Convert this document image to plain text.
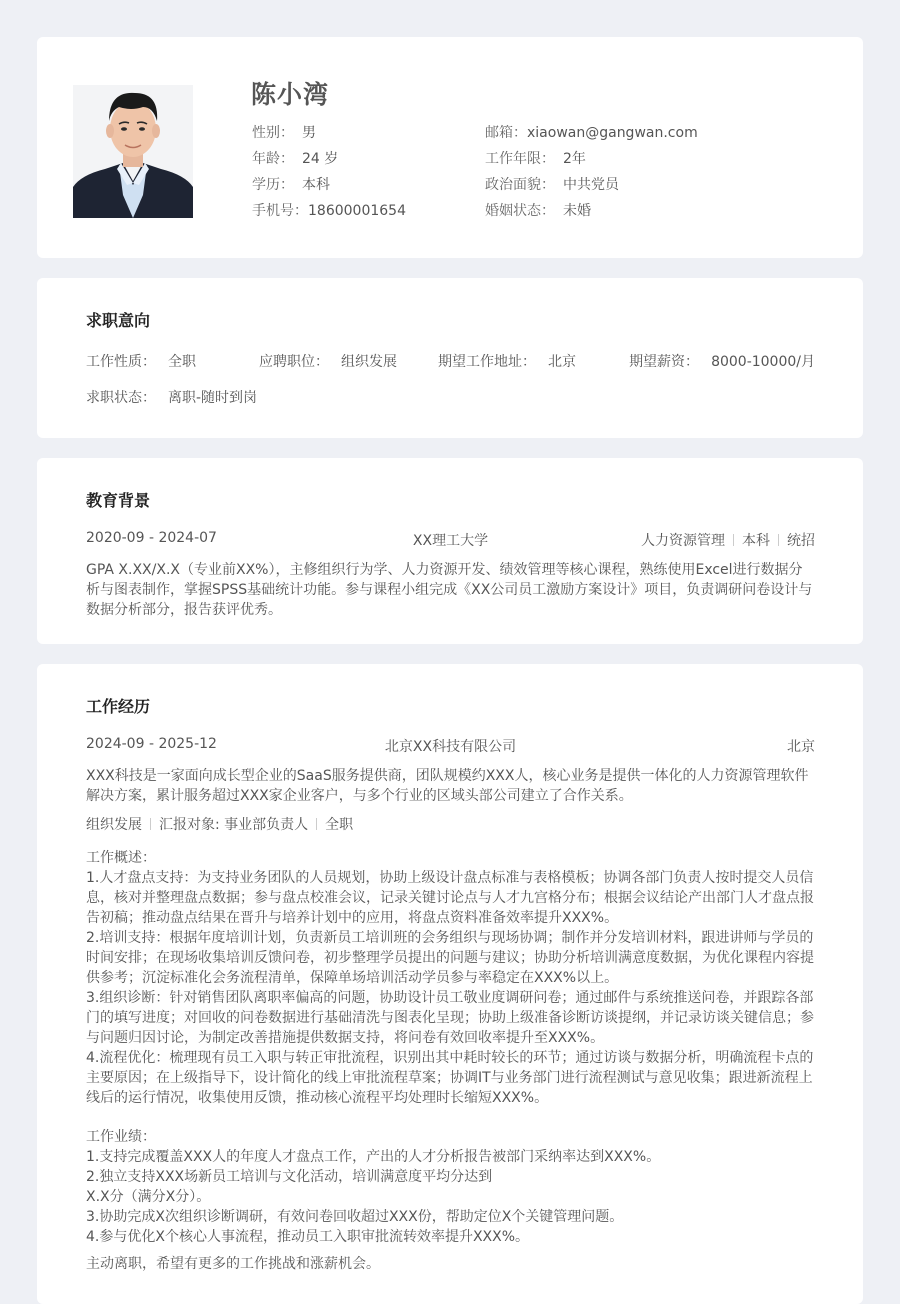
陈小湾
性别： 男
年龄： 24 岁
学历： 本科
手机号：18600001654
邮箱：xiaowan@gangwan.com
工作年限： 2年
政治面貌： 中共党员
婚姻状态： 未婚
求职意向
工作性质： 全职	应聘职位： 组织发展	期望工作地址： 北京	期望薪资： 8000-10000/月
求职状态： 离职-随时到岗
教育背景
2020-09 - 2024-07	XX理工大学	人力资源管理 本科 统招

GPA X.XX/X.X（专业前XX%），主修组织行为学、人力资源开发、绩效管理等核心课程，熟练使用Excel进行数据分析与图表制作，掌握SPSS基础统计功能。参与课程小组完成《XX公司员工激励方案设计》项目，负责调研问卷设计与数据分析部分，报告获评优秀。

工作经历
2024-09 - 2025-12	北京XX科技有限公司	北京

XXX科技是一家面向成长型企业的SaaS服务提供商，团队规模约XXX人，核心业务是提供一体化的人力资源管理软件解决方案，累计服务超过XXX家企业客户，与多个行业的区域头部公司建立了合作关系。

组织发展 汇报对象: 事业部负责人 全职

工作概述：

1.人才盘点支持：为支持业务团队的人员规划，协助上级设计盘点标准与表格模板；协调各部门负责人按时提交人员信息，核对并整理盘点数据；参与盘点校准会议，记录关键讨论点与人才九宫格分布；根据会议结论产出部门人才盘点报告初稿；推动盘点结果在晋升与培养计划中的应用，将盘点资料准备效率提升XXX%。
2.培训支持：根据年度培训计划，负责新员工培训班的会务组织与现场协调；制作并分发培训材料，跟进讲师与学员的时间安排；在现场收集培训反馈问卷，初步整理学员提出的问题与建议；协助分析培训满意度数据，为优化课程内容提供参考；沉淀标准化会务流程清单，保障单场培训活动学员参与率稳定在XXX%以上。
3.组织诊断：针对销售团队离职率偏高的问题，协助设计员工敬业度调研问卷；通过邮件与系统推送问卷，并跟踪各部门的填写进度；对回收的问卷数据进行基础清洗与图表化呈现；协助上级准备诊断访谈提纲，并记录访谈关键信息；参与问题归因讨论，为制定改善措施提供数据支持，将问卷有效回收率提升至XXX%。
4.流程优化：梳理现有员工入职与转正审批流程，识别出其中耗时较长的环节；通过访谈与数据分析，明确流程卡点的主要原因；在上级指导下，设计简化的线上审批流程草案；协调IT与业务部门进行流程测试与意见收集；跟进新流程上线后的运行情况，收集使用反馈，推动核心流程平均处理时长缩短XXX%。

工作业绩：

1.支持完成覆盖XXX人的年度人才盘点工作，产出的人才分析报告被部门采纳率达到XXX%。
2.独立支持XXX场新员工培训与文化活动，培训满意度平均分达到
X.X分（满分X分）。
3.协助完成X次组织诊断调研，有效问卷回收超过XXX份，帮助定位X个关键管理问题。
4.参与优化X个核心人事流程，推动员工入职审批流转效率提升XXX%。

主动离职，希望有更多的工作挑战和涨薪机会。
